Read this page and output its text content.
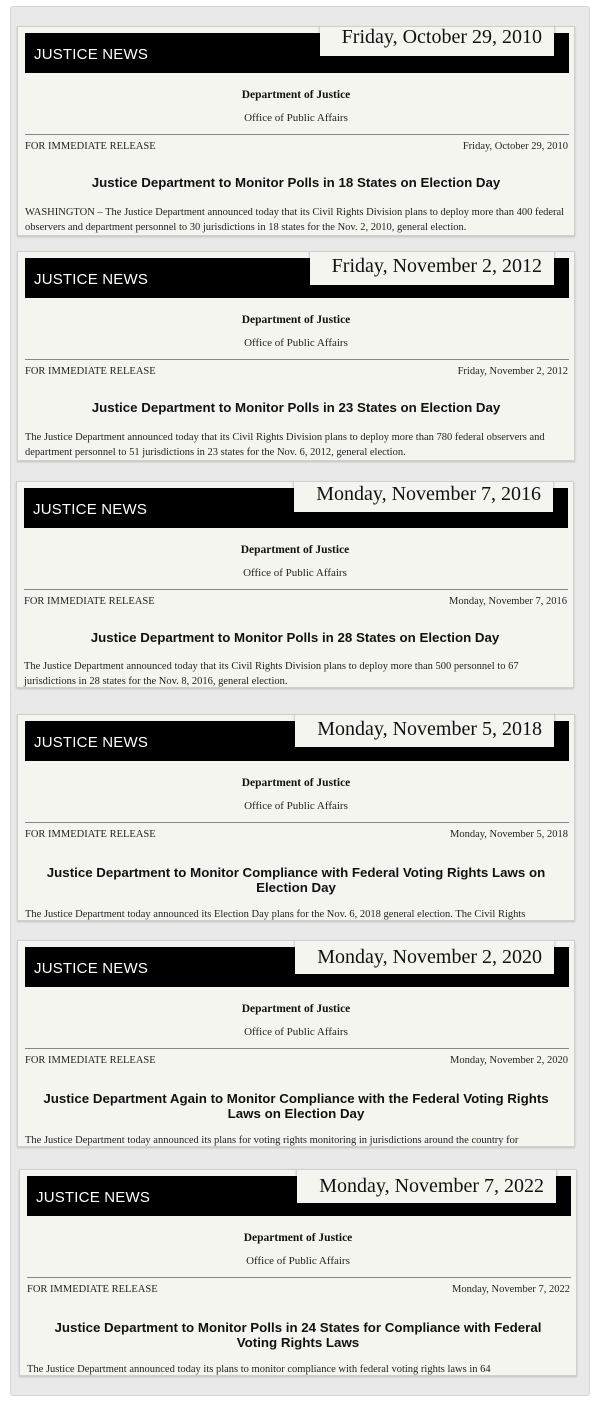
JUSTICE NEWS
Friday, October 29, 2010
Department of Justice
Office of Public Affairs
FOR IMMEDIATE RELEASE	Friday, October 29, 2010
Justice Department to Monitor Polls in 18 States on Election Day
WASHINGTON – The Justice Department announced today that its Civil Rights Division plans to deploy more than 400 federal observers and department personnel to 30 jurisdictions in 18 states for the Nov. 2, 2010, general election.
JUSTICE NEWS
Friday, November 2, 2012
Department of Justice
Office of Public Affairs
FOR IMMEDIATE RELEASE	Friday, November 2, 2012
Justice Department to Monitor Polls in 23 States on Election Day
The Justice Department announced today that its Civil Rights Division plans to deploy more than 780 federal observers and department personnel to 51 jurisdictions in 23 states for the Nov. 6, 2012, general election.
JUSTICE NEWS
Monday, November 7, 2016
Department of Justice
Office of Public Affairs
FOR IMMEDIATE RELEASE	Monday, November 7, 2016
Justice Department to Monitor Polls in 28 States on Election Day
The Justice Department announced today that its Civil Rights Division plans to deploy more than 500 personnel to 67 jurisdictions in 28 states for the Nov. 8, 2016, general election.
JUSTICE NEWS
Monday, November 5, 2018
Department of Justice
Office of Public Affairs
FOR IMMEDIATE RELEASE	Monday, November 5, 2018
Justice Department to Monitor Compliance with Federal Voting Rights Laws on Election Day
The Justice Department today announced its Election Day plans for the Nov. 6, 2018 general election. The Civil Rights
JUSTICE NEWS
Monday, November 2, 2020
Department of Justice
Office of Public Affairs
FOR IMMEDIATE RELEASE	Monday, November 2, 2020
Justice Department Again to Monitor Compliance with the Federal Voting Rights Laws on Election Day
The Justice Department today announced its plans for voting rights monitoring in jurisdictions around the country for
JUSTICE NEWS
Monday, November 7, 2022
Department of Justice
Office of Public Affairs
FOR IMMEDIATE RELEASE	Monday, November 7, 2022
Justice Department to Monitor Polls in 24 States for Compliance with Federal Voting Rights Laws
The Justice Department announced today its plans to monitor compliance with federal voting rights laws in 64
